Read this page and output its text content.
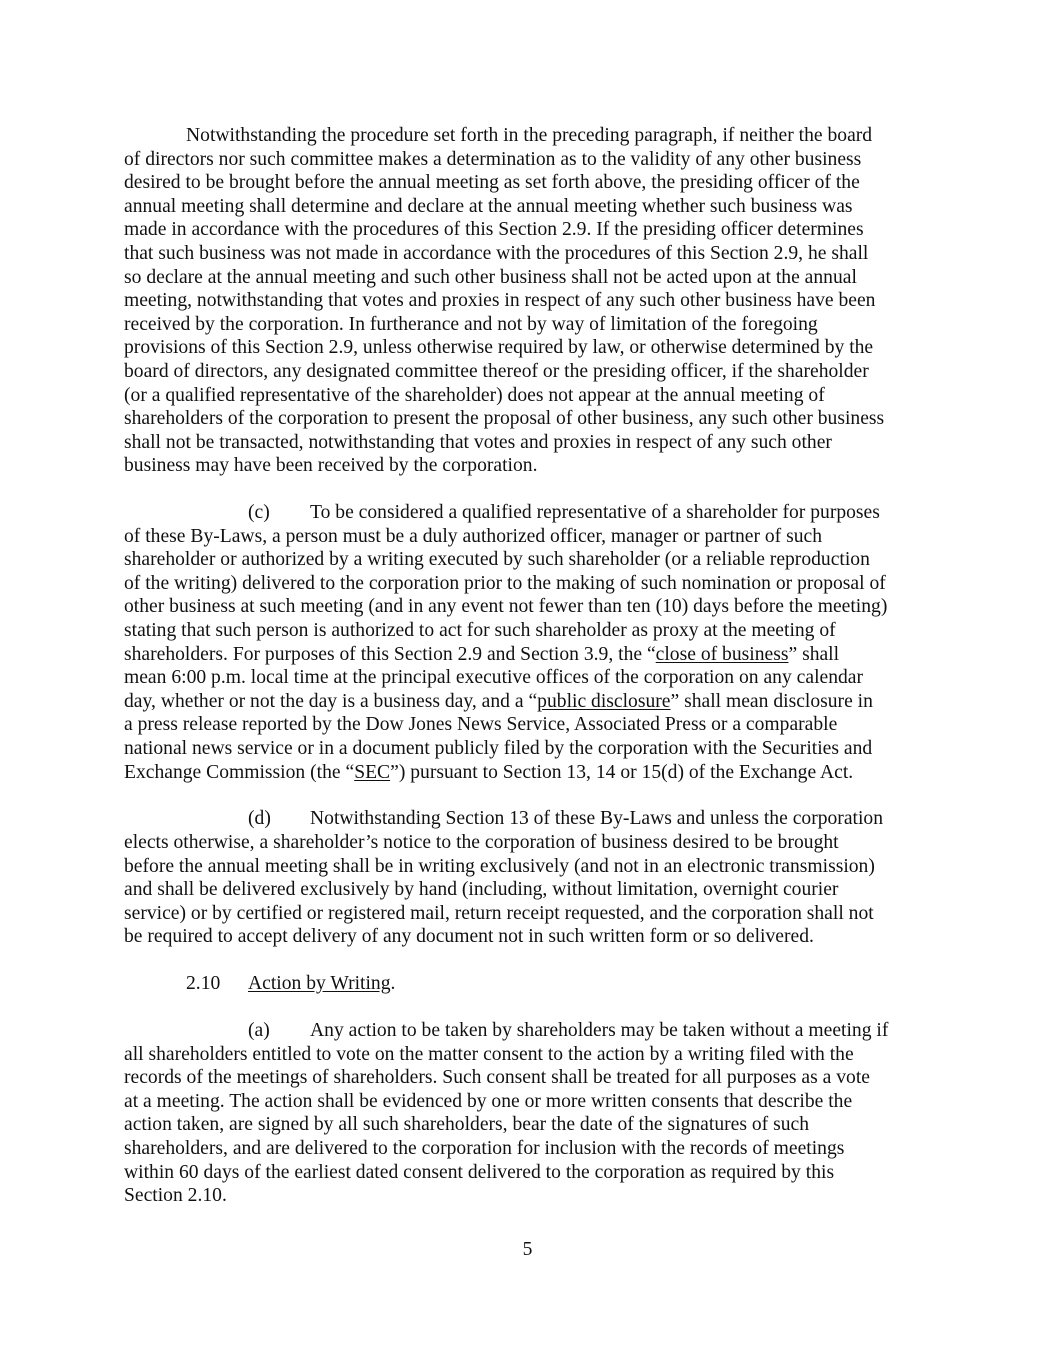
Notwithstanding the procedure set forth in the preceding paragraph, if neither the board
of directors nor such committee makes a determination as to the validity of any other business
desired to be brought before the annual meeting as set forth above, the presiding officer of the
annual meeting shall determine and declare at the annual meeting whether such business was
made in accordance with the procedures of this Section 2.9. If the presiding officer determines
that such business was not made in accordance with the procedures of this Section 2.9, he shall
so declare at the annual meeting and such other business shall not be acted upon at the annual
meeting, notwithstanding that votes and proxies in respect of any such other business have been
received by the corporation. In furtherance and not by way of limitation of the foregoing
provisions of this Section 2.9, unless otherwise required by law, or otherwise determined by the
board of directors, any designated committee thereof or the presiding officer, if the shareholder
(or a qualified representative of the shareholder) does not appear at the annual meeting of
shareholders of the corporation to present the proposal of other business, any such other business
shall not be transacted, notwithstanding that votes and proxies in respect of any such other
business may have been received by the corporation.
(c) To be considered a qualified representative of a shareholder for purposes
of these By-Laws, a person must be a duly authorized officer, manager or partner of such
shareholder or authorized by a writing executed by such shareholder (or a reliable reproduction
of the writing) delivered to the corporation prior to the making of such nomination or proposal of
other business at such meeting (and in any event not fewer than ten (10) days before the meeting)
stating that such person is authorized to act for such shareholder as proxy at the meeting of
shareholders. For purposes of this Section 2.9 and Section 3.9, the “close of business” shall
mean 6:00 p.m. local time at the principal executive offices of the corporation on any calendar
day, whether or not the day is a business day, and a “public disclosure” shall mean disclosure in
a press release reported by the Dow Jones News Service, Associated Press or a comparable
national news service or in a document publicly filed by the corporation with the Securities and
Exchange Commission (the “SEC”) pursuant to Section 13, 14 or 15(d) of the Exchange Act.
(d) Notwithstanding Section 13 of these By-Laws and unless the corporation
elects otherwise, a shareholder’s notice to the corporation of business desired to be brought
before the annual meeting shall be in writing exclusively (and not in an electronic transmission)
and shall be delivered exclusively by hand (including, without limitation, overnight courier
service) or by certified or registered mail, return receipt requested, and the corporation shall not
be required to accept delivery of any document not in such written form or so delivered.
2.10 Action by Writing.
(a) Any action to be taken by shareholders may be taken without a meeting if
all shareholders entitled to vote on the matter consent to the action by a writing filed with the
records of the meetings of shareholders. Such consent shall be treated for all purposes as a vote
at a meeting. The action shall be evidenced by one or more written consents that describe the
action taken, are signed by all such shareholders, bear the date of the signatures of such
shareholders, and are delivered to the corporation for inclusion with the records of meetings
within 60 days of the earliest dated consent delivered to the corporation as required by this
Section 2.10.
5
